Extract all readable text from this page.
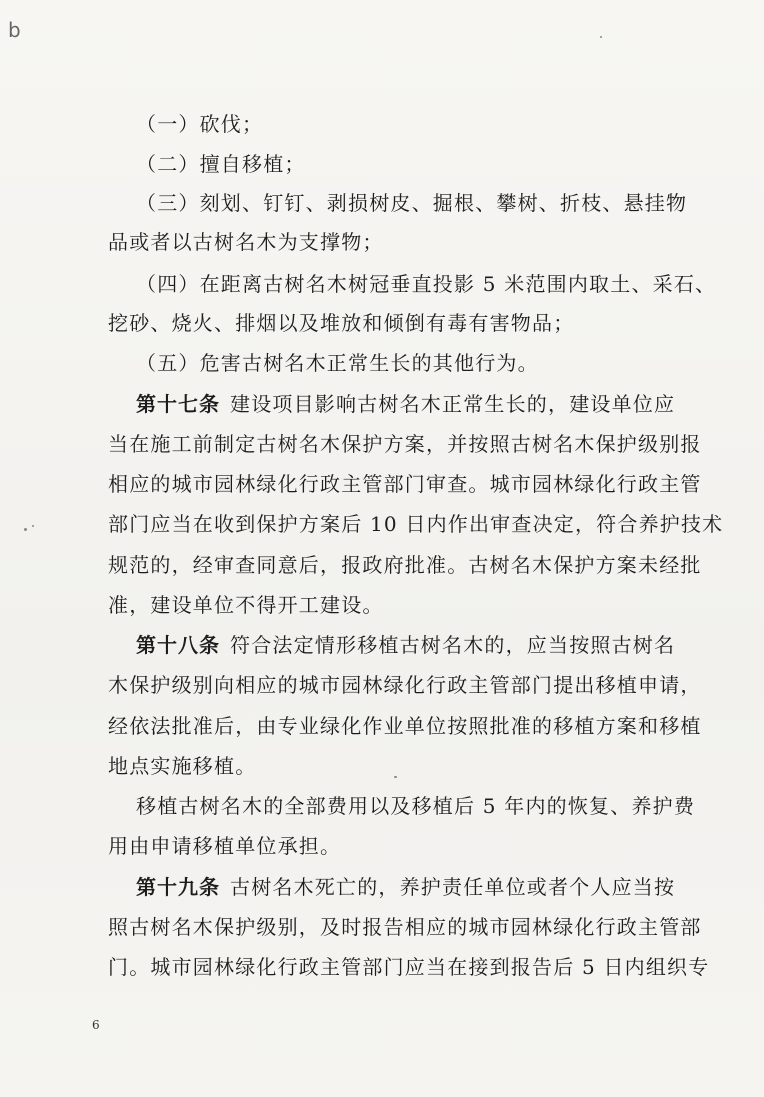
b
（一）砍伐；
（二）擅自移植；
（三）刻划、钉钉、剥损树皮、掘根、攀树、折枝、悬挂物
品或者以古树名木为支撑物；
（四）在距离古树名木树冠垂直投影 5 米范围内取土、采石、
挖砂、烧火、排烟以及堆放和倾倒有毒有害物品；
（五）危害古树名木正常生长的其他行为。
第十七条 建设项目影响古树名木正常生长的，建设单位应
当在施工前制定古树名木保护方案，并按照古树名木保护级别报
相应的城市园林绿化行政主管部门审查。城市园林绿化行政主管
部门应当在收到保护方案后 10 日内作出审查决定，符合养护技术
规范的，经审查同意后，报政府批准。古树名木保护方案未经批
准，建设单位不得开工建设。
第十八条 符合法定情形移植古树名木的，应当按照古树名
木保护级别向相应的城市园林绿化行政主管部门提出移植申请，
经依法批准后，由专业绿化作业单位按照批准的移植方案和移植
地点实施移植。
移植古树名木的全部费用以及移植后 5 年内的恢复、养护费
用由申请移植单位承担。
第十九条 古树名木死亡的，养护责任单位或者个人应当按
照古树名木保护级别，及时报告相应的城市园林绿化行政主管部
门。城市园林绿化行政主管部门应当在接到报告后 5 日内组织专
6
